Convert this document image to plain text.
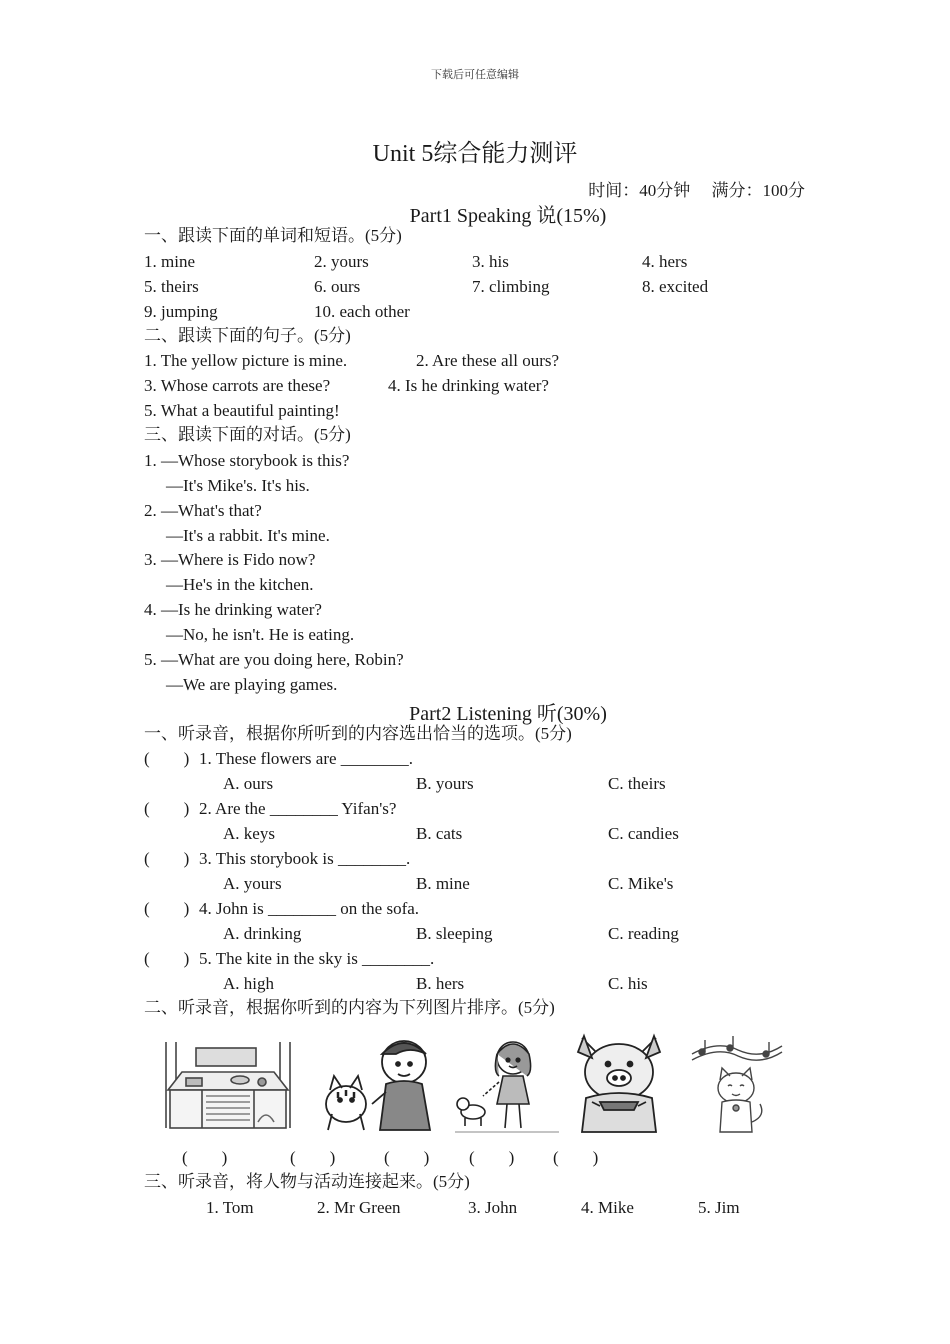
下载后可任意编辑
Unit 5综合能力测评
时间：40分钟 满分：100分
Part1 Speaking 说(15%)
一、跟读下面的单词和短语。(5分)
1. mine	2. yours	3. his	4. hers
5. theirs	6. ours	7. climbing	8. excited
9. jumping	10. each other
二、跟读下面的句子。(5分)
1. The yellow picture is mine.	2. Are these all ours?
3. Whose carrots are these?	4. Is he drinking water?
5. What a beautiful painting!
三、跟读下面的对话。(5分)
1. —Whose storybook is this?
—It's Mike's. It's his.
2. —What's that?
—It's a rabbit. It's mine.
3. —Where is Fido now?
—He's in the kitchen.
4. —Is he drinking water?
—No, he isn't. He is eating.
5. —What are you doing here, Robin?
—We are playing games.
Part2 Listening 听(30%)
一、听录音，根据你所听到的内容选出恰当的选项。(5分)
(　　) 1. These flowers are ________.
A. ours	B. yours	C. theirs
(　　) 2. Are the ________ Yifan's?
A. keys	B. cats	C. candies
(　　) 3. This storybook is ________.
A. yours	B. mine	C. Mike's
(　　) 4. John is ________ on the sofa.
A. drinking	B. sleeping	C. reading
(　　) 5. The kite in the sky is ________.
A. high	B. hers	C. his
二、听录音，根据你听到的内容为下列图片排序。(5分)
(　　)	(　　)	(　　) (　　) (　　)
三、听录音，将人物与活动连接起来。(5分)
1. Tom	2. Mr Green	3. John	4. Mike	5. Jim
